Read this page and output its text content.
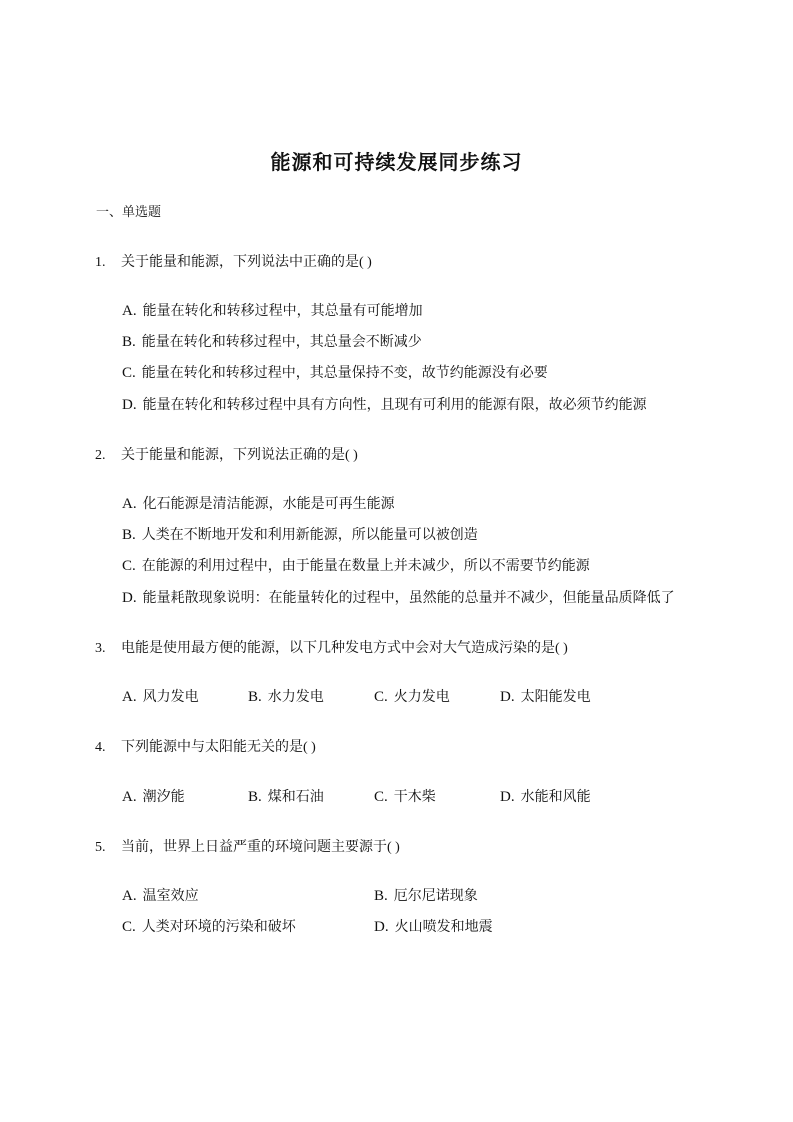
能源和可持续发展同步练习
一、单选题
1. 关于能量和能源，下列说法中正确的是( )
A. 能量在转化和转移过程中，其总量有可能增加
B. 能量在转化和转移过程中，其总量会不断减少
C. 能量在转化和转移过程中，其总量保持不变，故节约能源没有必要
D. 能量在转化和转移过程中具有方向性，且现有可利用的能源有限，故必须节约能源
2. 关于能量和能源，下列说法正确的是( )
A. 化石能源是清洁能源，水能是可再生能源
B. 人类在不断地开发和利用新能源，所以能量可以被创造
C. 在能源的利用过程中，由于能量在数量上并未减少，所以不需要节约能源
D. 能量耗散现象说明：在能量转化的过程中，虽然能的总量并不减少，但能量品质降低了
3. 电能是使用最方便的能源，以下几种发电方式中会对大气造成污染的是( )
A. 风力发电	B. 水力发电	C. 火力发电	D. 太阳能发电
4. 下列能源中与太阳能无关的是( )
A. 潮汐能	B. 煤和石油	C. 干木柴	D. 水能和风能
5. 当前，世界上日益严重的环境问题主要源于( )
A. 温室效应	B. 厄尔尼诺现象
C. 人类对环境的污染和破坏	D. 火山喷发和地震
